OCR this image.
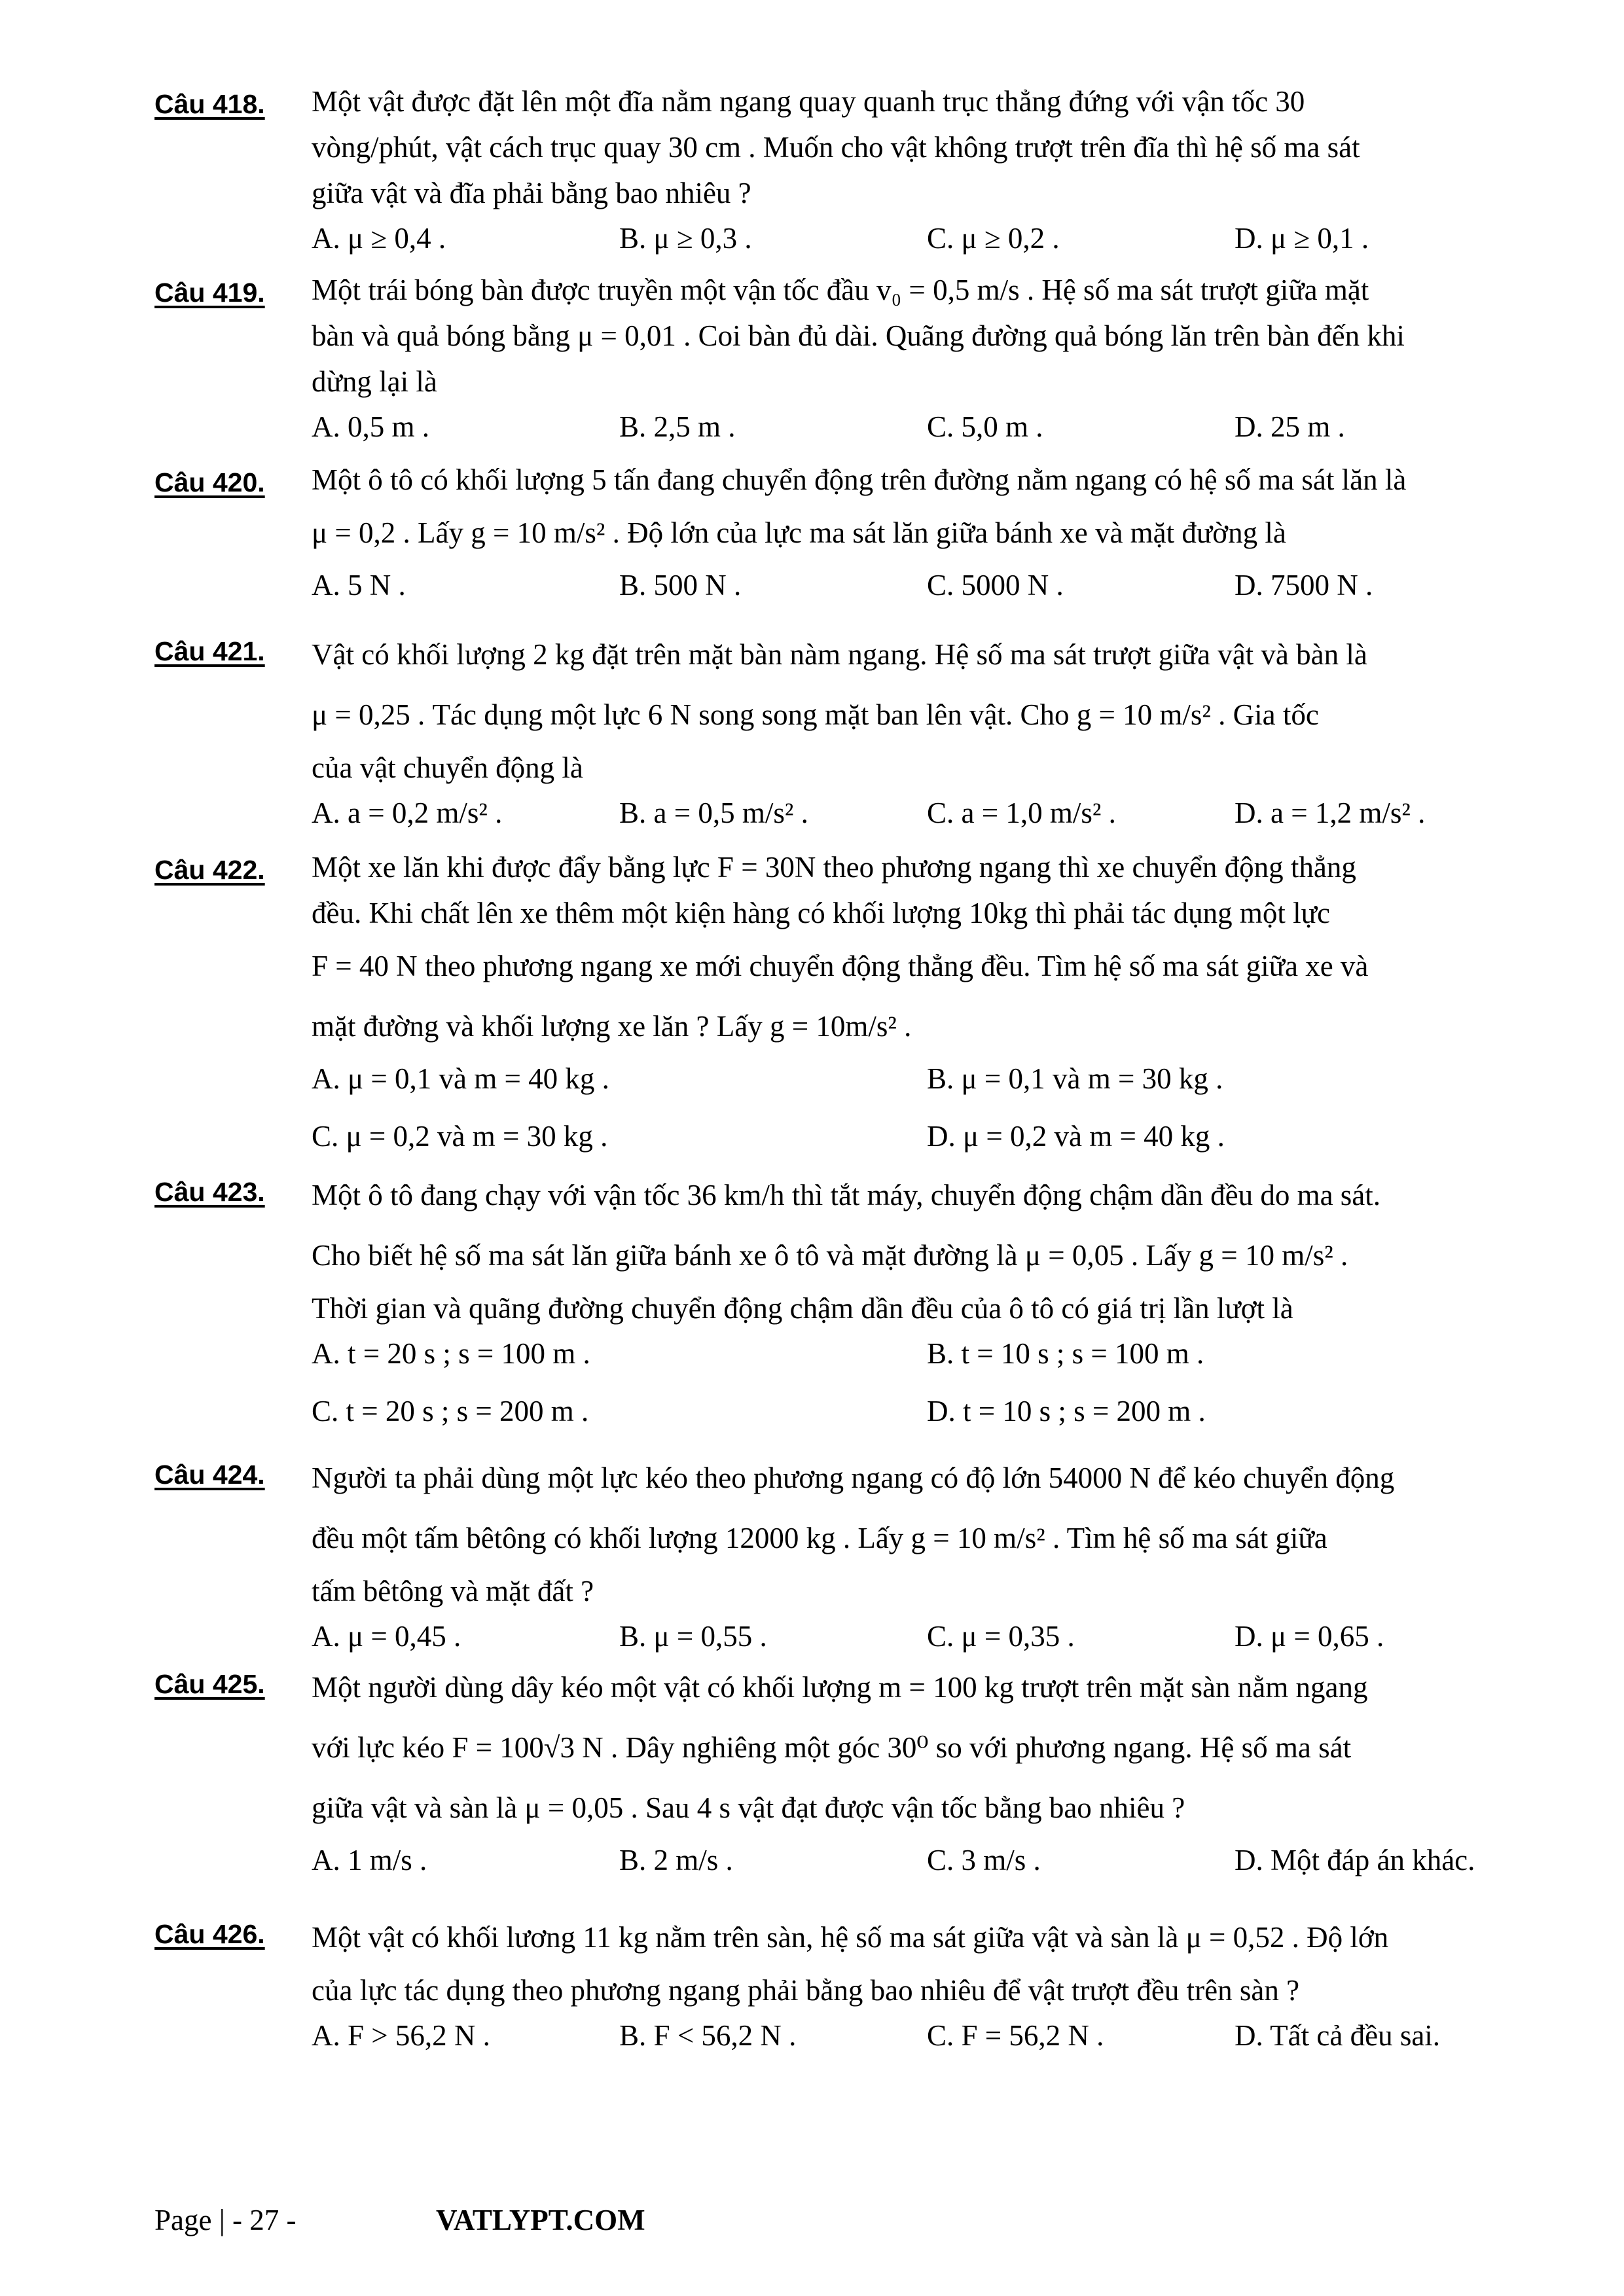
Câu 418.	Một vật được đặt lên một đĩa nằm ngang quay quanh trục thẳng đứng với vận tốc 30
vòng/phút, vật cách trục quay 30 cm . Muốn cho vật không trượt trên đĩa thì hệ số ma sát
giữa vật và đĩa phải bằng bao nhiêu ?
A. μ ≥ 0,4 .	B. μ ≥ 0,3 .	C. μ ≥ 0,2 .	D. μ ≥ 0,1 .
Câu 419.	Một trái bóng bàn được truyền một vận tốc đầu v₀ = 0,5 m/s . Hệ số ma sát trượt giữa mặt
bàn và quả bóng bằng μ = 0,01 . Coi bàn đủ dài. Quãng đường quả bóng lăn trên bàn đến khi
dừng lại là
A. 0,5 m .	B. 2,5 m .	C. 5,0 m .	D. 25 m .
Câu 420.	Một ô tô có khối lượng 5 tấn đang chuyển động trên đường nằm ngang có hệ số ma sát lăn là
μ = 0,2 . Lấy g = 10 m/s² . Độ lớn của lực ma sát lăn giữa bánh xe và mặt đường là
A. 5 N .	B. 500 N .	C. 5000 N .	D. 7500 N .
Câu 421.	Vật có khối lượng 2 kg đặt trên mặt bàn nàm ngang. Hệ số ma sát trượt giữa vật và bàn là
μ = 0,25 . Tác dụng một lực 6 N song song mặt ban lên vật. Cho g = 10 m/s² . Gia tốc
của vật chuyển động là
A. a = 0,2 m/s² .	B. a = 0,5 m/s² .	C. a = 1,0 m/s² .	D. a = 1,2 m/s² .
Câu 422.	Một xe lăn khi được đẩy bằng lực F = 30N theo phương ngang thì xe chuyển động thẳng
đều. Khi chất lên xe thêm một kiện hàng có khối lượng 10kg thì phải tác dụng một lực
F = 40 N theo phương ngang xe mới chuyển động thẳng đều. Tìm hệ số ma sát giữa xe và
mặt đường và khối lượng xe lăn ? Lấy g = 10m/s² .
A. μ = 0,1 và m = 40 kg .	B. μ = 0,1 và m = 30 kg .
C. μ = 0,2 và m = 30 kg .	D. μ = 0,2 và m = 40 kg .
Câu 423.	Một ô tô đang chạy với vận tốc 36 km/h thì tắt máy, chuyển động chậm dần đều do ma sát.
Cho biết hệ số ma sát lăn giữa bánh xe ô tô và mặt đường là μ = 0,05 . Lấy g = 10 m/s² .
Thời gian và quãng đường chuyển động chậm dần đều của ô tô có giá trị lần lượt là
A. t = 20 s ; s = 100 m .	B. t = 10 s ; s = 100 m .
C. t = 20 s ; s = 200 m .	D. t = 10 s ; s = 200 m .
Câu 424.	Người ta phải dùng một lực kéo theo phương ngang có độ lớn 54000 N để kéo chuyển động
đều một tấm bêtông có khối lượng 12000 kg . Lấy g = 10 m/s² . Tìm hệ số ma sát giữa
tấm bêtông và mặt đất ?
A. μ = 0,45 .	B. μ = 0,55 .	C. μ = 0,35 .	D. μ = 0,65 .
Câu 425.	Một người dùng dây kéo một vật có khối lượng m = 100 kg trượt trên mặt sàn nằm ngang
với lực kéo F = 100√3 N . Dây nghiêng một góc 30⁰ so với phương ngang. Hệ số ma sát
giữa vật và sàn là μ = 0,05 . Sau 4 s vật đạt được vận tốc bằng bao nhiêu ?
A. 1 m/s .	B. 2 m/s .	C. 3 m/s .	D. Một đáp án khác.
Câu 426.	Một vật có khối lương 11 kg nằm trên sàn, hệ số ma sát giữa vật và sàn là μ = 0,52 . Độ lớn
của lực tác dụng theo phương ngang phải bằng bao nhiêu để vật trượt đều trên sàn ?
A. F > 56,2 N .	B. F < 56,2 N .	C. F = 56,2 N .	D. Tất cả đều sai.
Page | - 27 -	VATLYPT.COM
